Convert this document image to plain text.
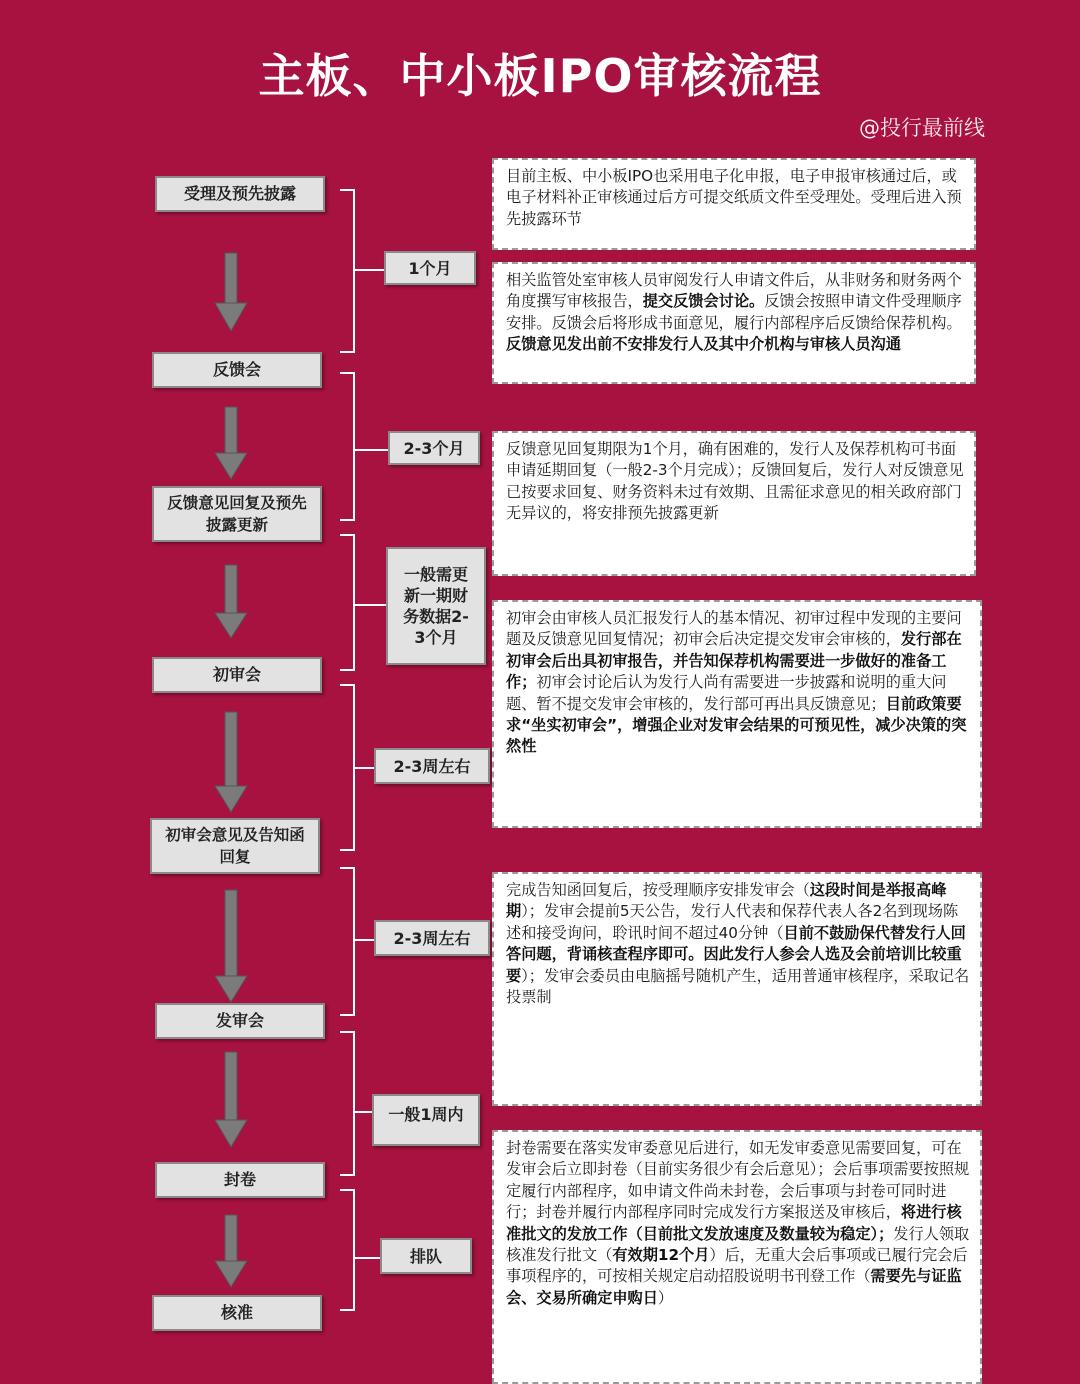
主板、中小板IPO审核流程
@投行最前线
受理及预先披露
反馈会
反馈意见回复及预先披露更新
初审会
初审会意见及告知函回复
发审会
封卷
核准
1个月
2-3个月
一般需更新一期财务数据2-3个月
2-3周左右
2-3周左右
一般1周内
排队

目前主板、中小板IPO也采用电子化申报，电子申报审核通过后，或电子材料补正审核通过后方可提交纸质文件至受理处。受理后进入预先披露环节

相关监管处室审核人员审阅发行人申请文件后，从非财务和财务两个角度撰写审核报告，提交反馈会讨论。反馈会按照申请文件受理顺序安排。反馈会后将形成书面意见，履行内部程序后反馈给保荐机构。反馈意见发出前不安排发行人及其中介机构与审核人员沟通

反馈意见回复期限为1个月，确有困难的，发行人及保荐机构可书面申请延期回复（一般2-3个月完成）；反馈回复后，发行人对反馈意见已按要求回复、财务资料未过有效期、且需征求意见的相关政府部门无异议的，将安排预先披露更新

初审会由审核人员汇报发行人的基本情况、初审过程中发现的主要问题及反馈意见回复情况；初审会后决定提交发审会审核的，发行部在初审会后出具初审报告，并告知保荐机构需要进一步做好的准备工作；初审会讨论后认为发行人尚有需要进一步披露和说明的重大问题、暂不提交发审会审核的，发行部可再出具反馈意见；目前政策要求“坐实初审会”，增强企业对发审会结果的可预见性，减少决策的突然性

完成告知函回复后，按受理顺序安排发审会（这段时间是举报高峰期）；发审会提前5天公告，发行人代表和保荐代表人各2名到现场陈述和接受询问，聆讯时间不超过40分钟（目前不鼓励保代替发行人回答问题，背诵核查程序即可。因此发行人参会人选及会前培训比较重要）；发审会委员由电脑摇号随机产生，适用普通审核程序，采取记名投票制

封卷需要在落实发审委意见后进行，如无发审委意见需要回复，可在发审会后立即封卷（目前实务很少有会后意见）；会后事项需要按照规定履行内部程序，如申请文件尚未封卷，会后事项与封卷可同时进行；封卷并履行内部程序同时完成发行方案报送及审核后，将进行核准批文的发放工作（目前批文发放速度及数量较为稳定）；发行人领取核准发行批文（有效期12个月）后，无重大会后事项或已履行完会后事项程序的，可按相关规定启动招股说明书刊登工作（需要先与证监会、交易所确定申购日）
